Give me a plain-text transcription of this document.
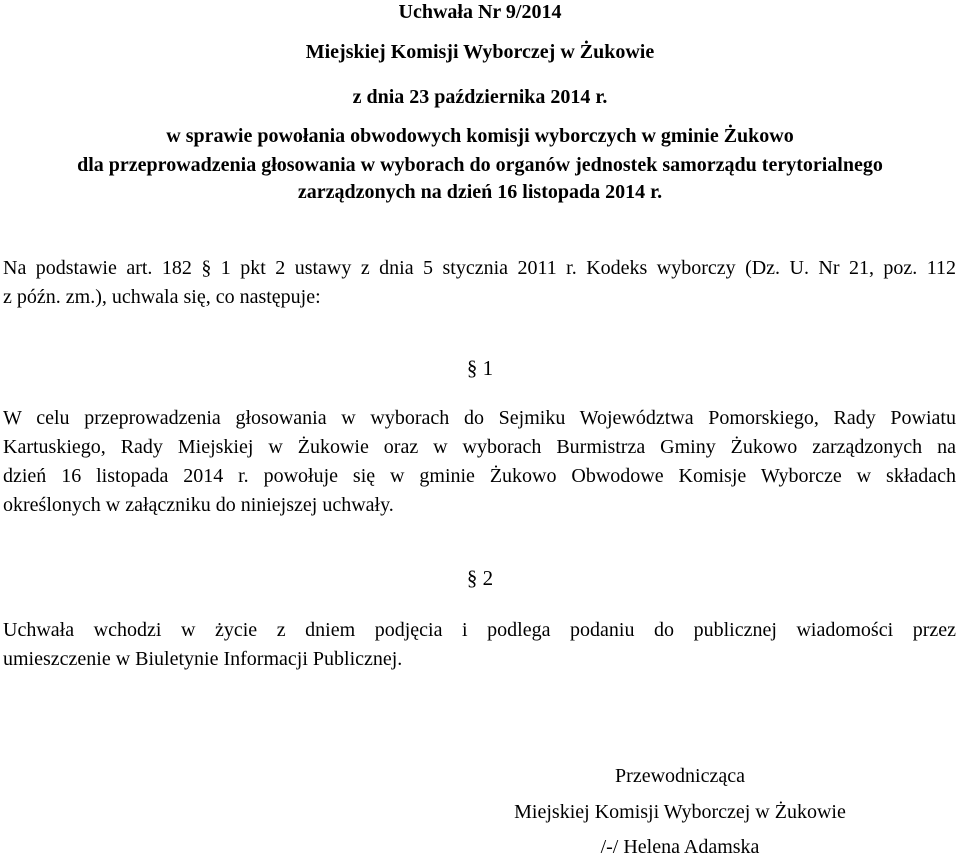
Uchwała Nr 9/2014
Miejskiej Komisji Wyborczej w Żukowie
z dnia 23 października 2014 r.
w sprawie powołania obwodowych komisji wyborczych w gminie Żukowo
dla przeprowadzenia głosowania w wyborach do organów jednostek samorządu terytorialnego
zarządzonych na dzień 16 listopada 2014 r.
Na podstawie art. 182 § 1 pkt 2 ustawy z dnia 5 stycznia 2011 r. Kodeks wyborczy (Dz. U. Nr 21, poz. 112
z późn. zm.), uchwala się, co następuje:
§ 1
W celu przeprowadzenia głosowania w wyborach do Sejmiku Województwa Pomorskiego, Rady Powiatu
Kartuskiego, Rady Miejskiej w Żukowie oraz w wyborach Burmistrza Gminy Żukowo zarządzonych na
dzień 16 listopada 2014 r. powołuje się w gminie Żukowo Obwodowe Komisje Wyborcze w składach
określonych w załączniku do niniejszej uchwały.
§ 2
Uchwała wchodzi w życie z dniem podjęcia i podlega podaniu do publicznej wiadomości przez
umieszczenie w Biuletynie Informacji Publicznej.
Przewodnicząca
Miejskiej Komisji Wyborczej w Żukowie
/-/ Helena Adamska
